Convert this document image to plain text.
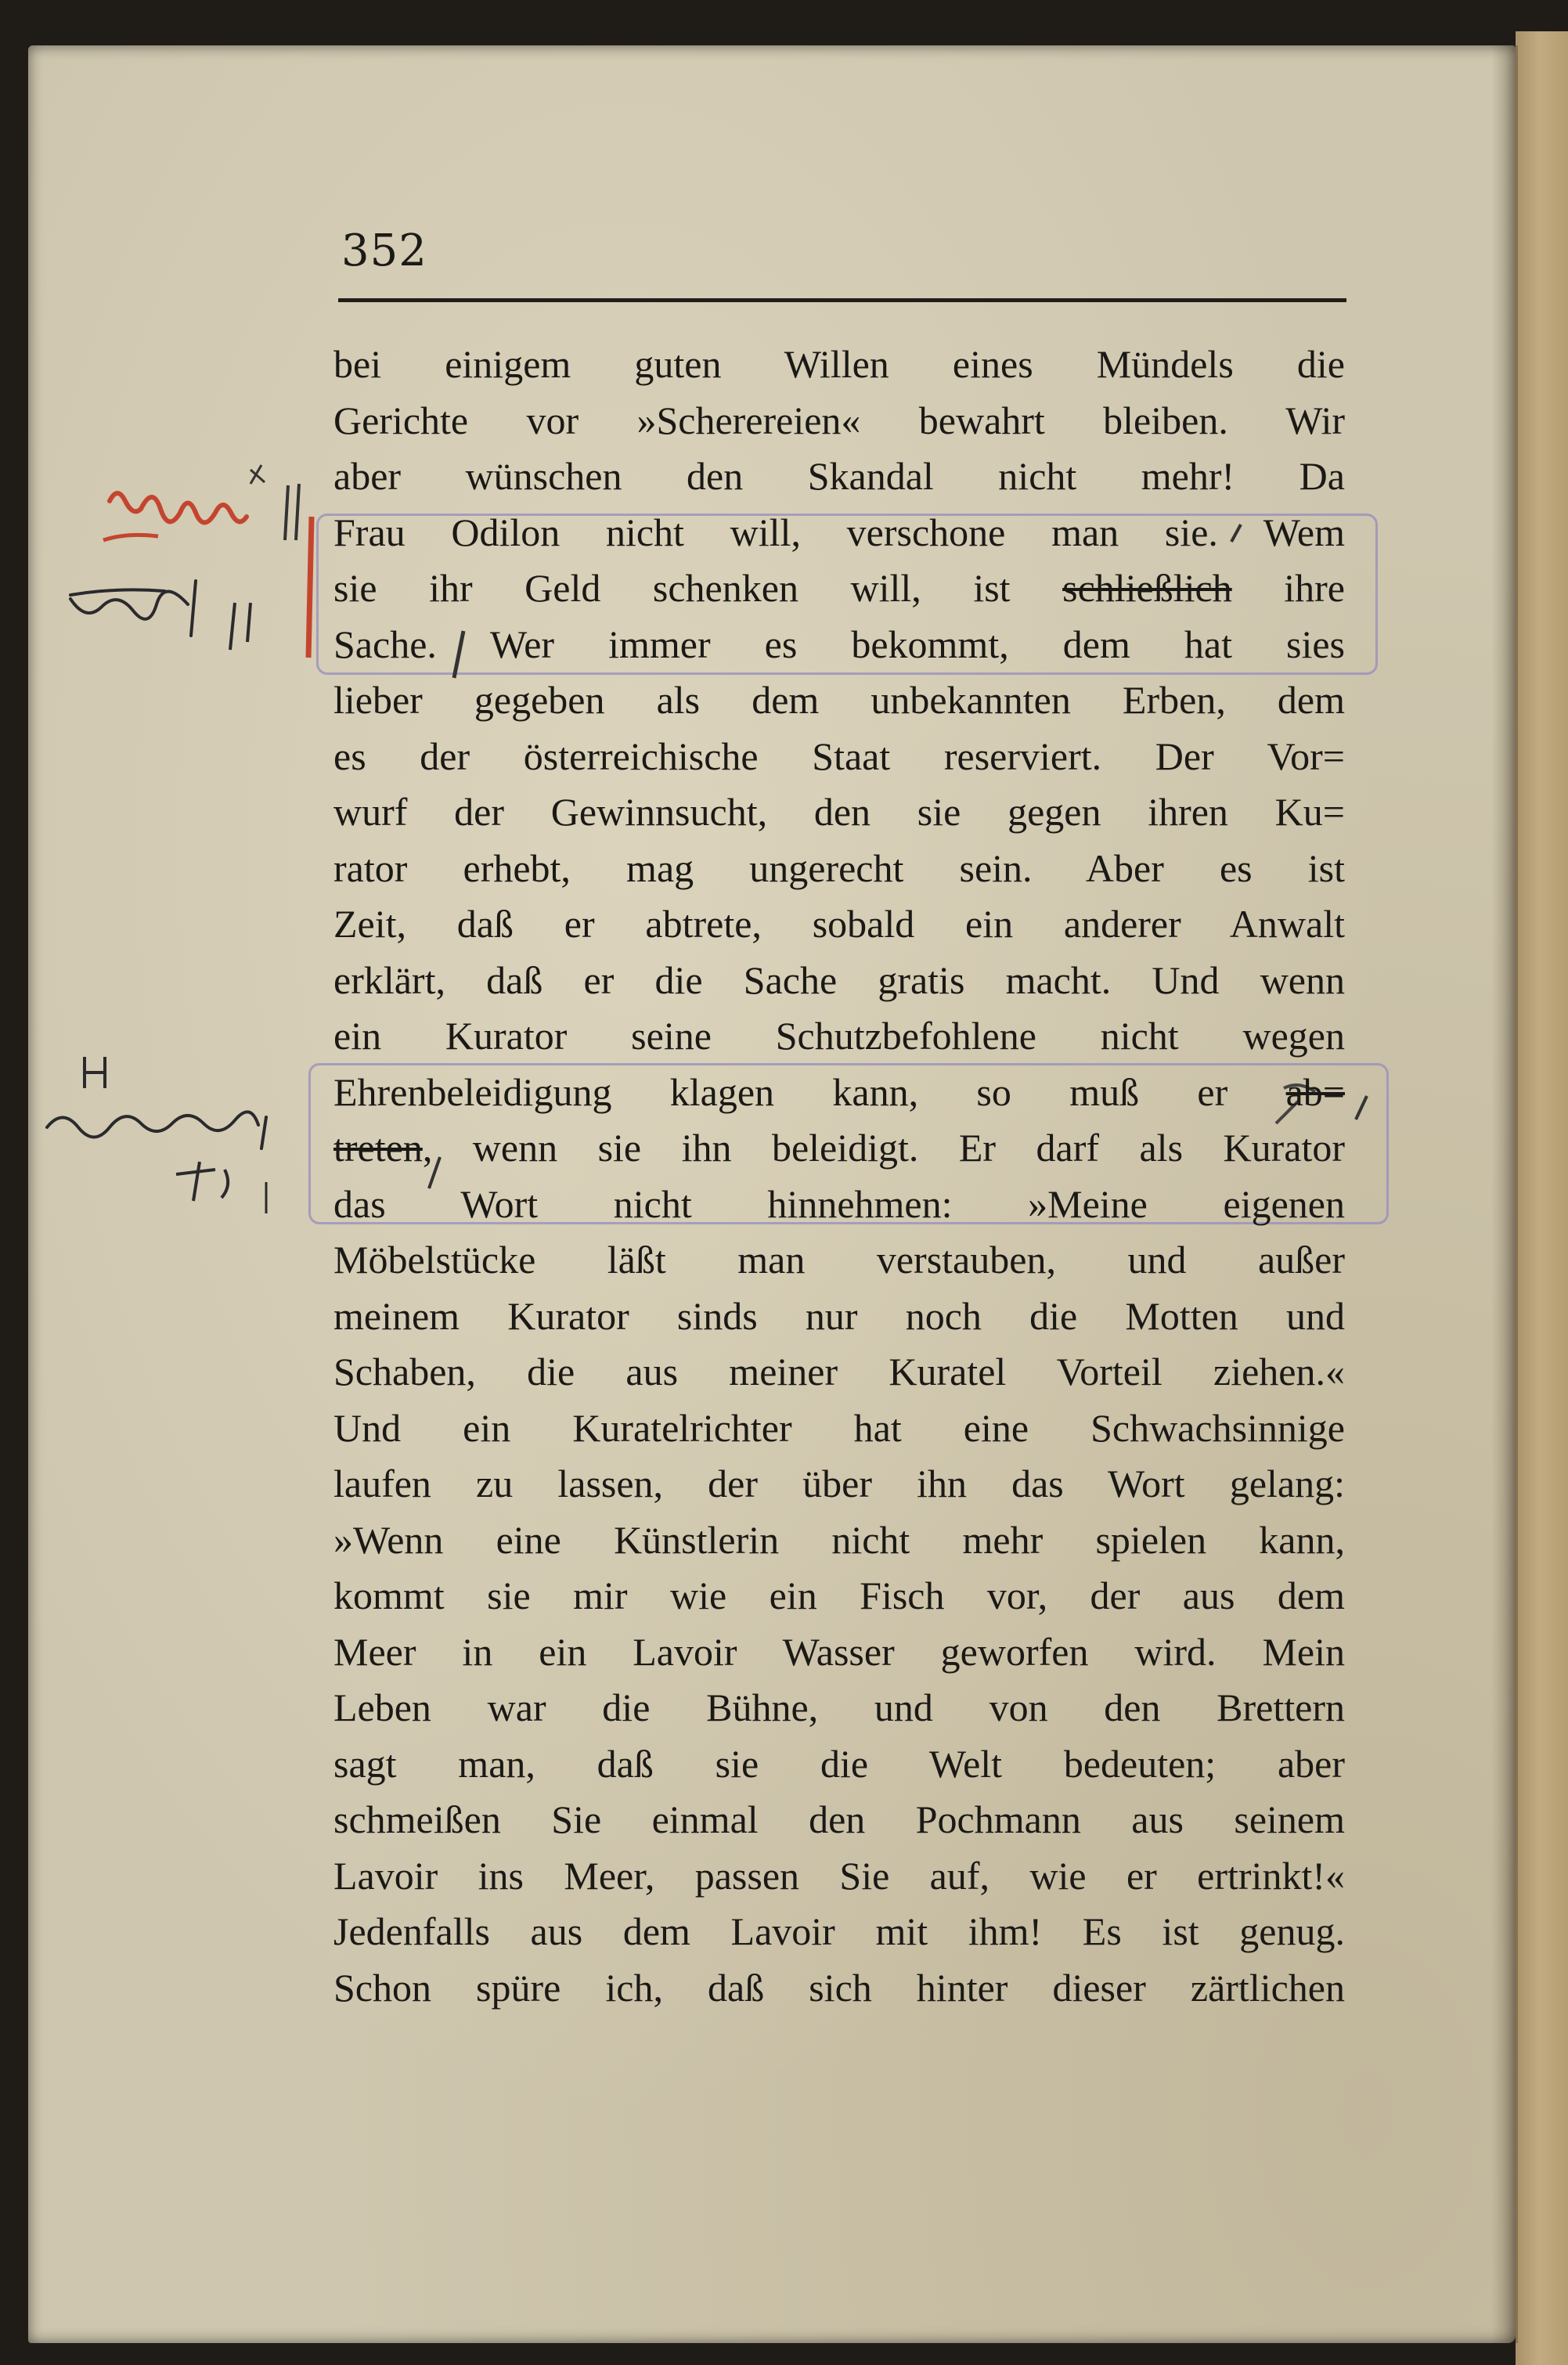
352
bei einigem guten Willen eines Mündels die
Gerichte vor »Scherereien« bewahrt bleiben. Wir
aber wünschen den Skandal nicht mehr! Da
Frau Odilon nicht will, verschone man sie. Wem
sie ihr Geld schenken will, ist schließlich ihre
Sache. Wer immer es bekommt, dem hat sies
lieber gegeben als dem unbekannten Erben, dem
es der österreichische Staat reserviert. Der Vor=
wurf der Gewinnsucht, den sie gegen ihren Ku=
rator erhebt, mag ungerecht sein. Aber es ist
Zeit, daß er abtrete, sobald ein anderer Anwalt
erklärt, daß er die Sache gratis macht. Und wenn
ein Kurator seine Schutzbefohlene nicht wegen
Ehrenbeleidigung klagen kann, so muß er ab=
treten, wenn sie ihn beleidigt. Er darf als Kurator
das Wort nicht hinnehmen: »Meine eigenen
Möbelstücke läßt man verstauben, und außer
meinem Kurator sinds nur noch die Motten und
Schaben, die aus meiner Kuratel Vorteil ziehen.«
Und ein Kuratelrichter hat eine Schwachsinnige
laufen zu lassen, der über ihn das Wort gelang:
»Wenn eine Künstlerin nicht mehr spielen kann,
kommt sie mir wie ein Fisch vor, der aus dem
Meer in ein Lavoir Wasser geworfen wird. Mein
Leben war die Bühne, und von den Brettern
sagt man, daß sie die Welt bedeuten; aber
schmeißen Sie einmal den Pochmann aus seinem
Lavoir ins Meer, passen Sie auf, wie er ertrinkt!«
Jedenfalls aus dem Lavoir mit ihm! Es ist genug.
Schon spüre ich, daß sich hinter dieser zärtlichen
